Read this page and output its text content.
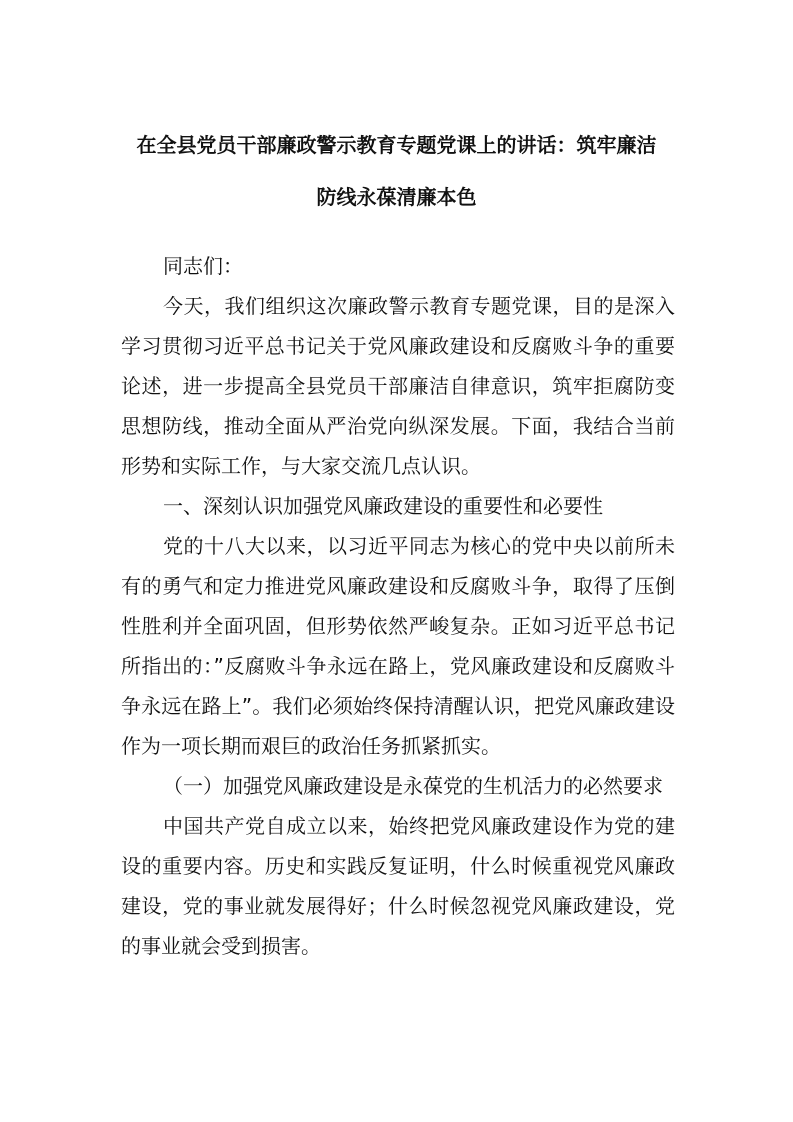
在全县党员干部廉政警示教育专题党课上的讲话：筑牢廉洁
防线永葆清廉本色

同志们：

今天，我们组织这次廉政警示教育专题党课，目的是深入学习贯彻习近平总书记关于党风廉政建设和反腐败斗争的重要论述，进一步提高全县党员干部廉洁自律意识，筑牢拒腐防变思想防线，推动全面从严治党向纵深发展。下面，我结合当前形势和实际工作，与大家交流几点认识。

一、深刻认识加强党风廉政建设的重要性和必要性

党的十八大以来，以习近平同志为核心的党中央以前所未有的勇气和定力推进党风廉政建设和反腐败斗争，取得了压倒性胜利并全面巩固，但形势依然严峻复杂。正如习近平总书记所指出的：”反腐败斗争永远在路上，党风廉政建设和反腐败斗争永远在路上”。我们必须始终保持清醒认识，把党风廉政建设作为一项长期而艰巨的政治任务抓紧抓实。

（一）加强党风廉政建设是永葆党的生机活力的必然要求

中国共产党自成立以来，始终把党风廉政建设作为党的建设的重要内容。历史和实践反复证明，什么时候重视党风廉政建设，党的事业就发展得好；什么时候忽视党风廉政建设，党的事业就会受到损害。
